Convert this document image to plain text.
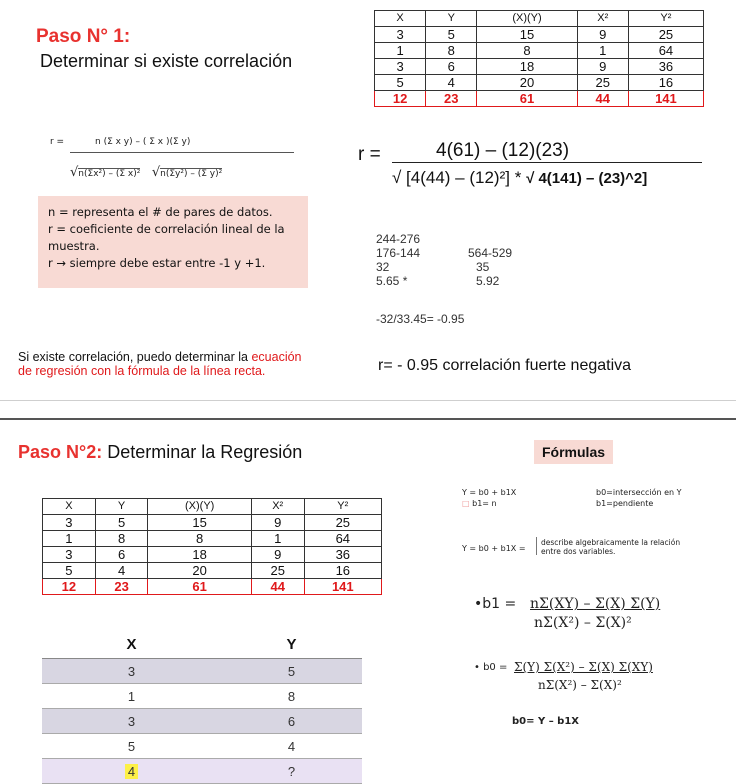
Paso N° 1:
Determinar si existe correlación
X	Y	(X)(Y)	X²	Y²
3	5	15	9	25
1	8	8	1	64
3	6	18	9	36
5	4	20	25	16
12	23	61	44	141
r =	n (Σ x y) – ( Σ x )(Σ y)
√n(Σx²) – (Σ x)² √n(Σy²) – (Σ y)²
n = representa el # de pares de datos.
r = coeficiente de correlación lineal de la muestra.
r → siempre debe estar entre -1 y +1.
r =	4(61) – (12)(23)
√ [4(44) – (12)²] * √ 4(141) – (23)^2]
244-276
176-144
32
5.65 *
564-529
35
5.92
-32/33.45= -0.95
Si existe correlación, puedo determinar la ecuación
de regresión con la fórmula de la línea recta.	r= - 0.95 correlación fuerte negativa
Paso N°2: Determinar la Regresión	Fórmulas
X	Y	(X)(Y)	X²	Y²
3	5	15	9	25
1	8	8	1	64
3	6	18	9	36
5	4	20	25	16
12	23	61	44	141
X	Y
3	5
1	8
3	6
5	4
4	?
Y = b0 + b1X	b0=intersección en Y
□ b1= n	b1=pendiente
Y = b0 + b1X =
describe algebraicamente la relación entre dos variables.
•b1 = nΣ(XY) – Σ(X) Σ(Y)
nΣ(X²) – Σ(X)²
• b0 = Σ(Y) Σ(X²) – Σ(X) Σ(XY)
nΣ(X²) – Σ(X)²
b0= Y – b1X
